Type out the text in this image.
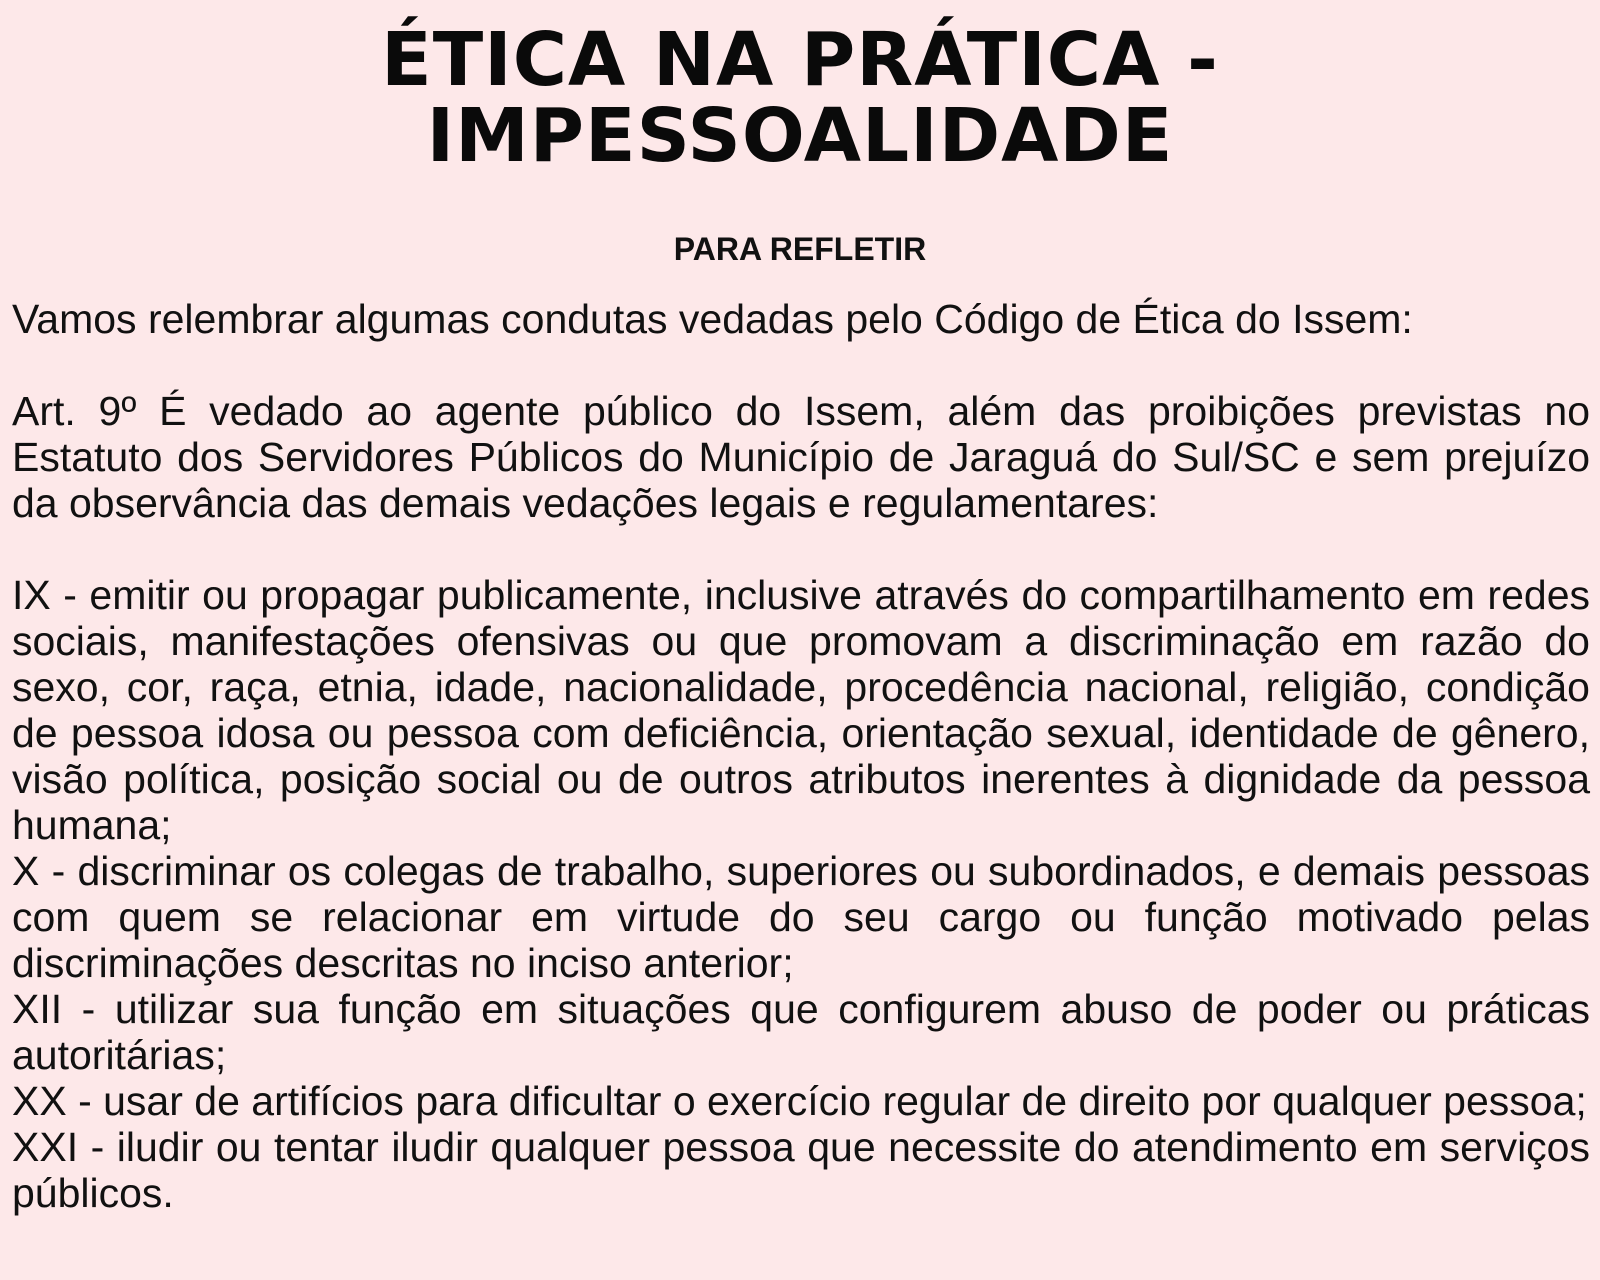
ÉTICA NA PRÁTICA -
IMPESSOALIDADE
PARA REFLETIR

Vamos relembrar algumas condutas vedadas pelo Código de Ética do Issem:

Art. 9º É vedado ao agente público do Issem, além das proibições previstas no Estatuto dos Servidores Públicos do Município de Jaraguá do Sul/SC e sem prejuízo da observância das demais vedações legais e regulamentares:

IX - emitir ou propagar publicamente, inclusive através do compartilhamento em redes sociais, manifestações ofensivas ou que promovam a discriminação em razão do sexo, cor, raça, etnia, idade, nacionalidade, procedência nacional, religião, condição de pessoa idosa ou pessoa com deficiência, orientação sexual, identidade de gênero, visão política, posição social ou de outros atributos inerentes à dignidade da pessoa humana;

X - discriminar os colegas de trabalho, superiores ou subordinados, e demais pessoas com quem se relacionar em virtude do seu cargo ou função motivado pelas discriminações descritas no inciso anterior;

XII - utilizar sua função em situações que configurem abuso de poder ou práticas autoritárias;

XX - usar de artifícios para dificultar o exercício regular de direito por qualquer pessoa;

XXI - iludir ou tentar iludir qualquer pessoa que necessite do atendimento em serviços públicos.
